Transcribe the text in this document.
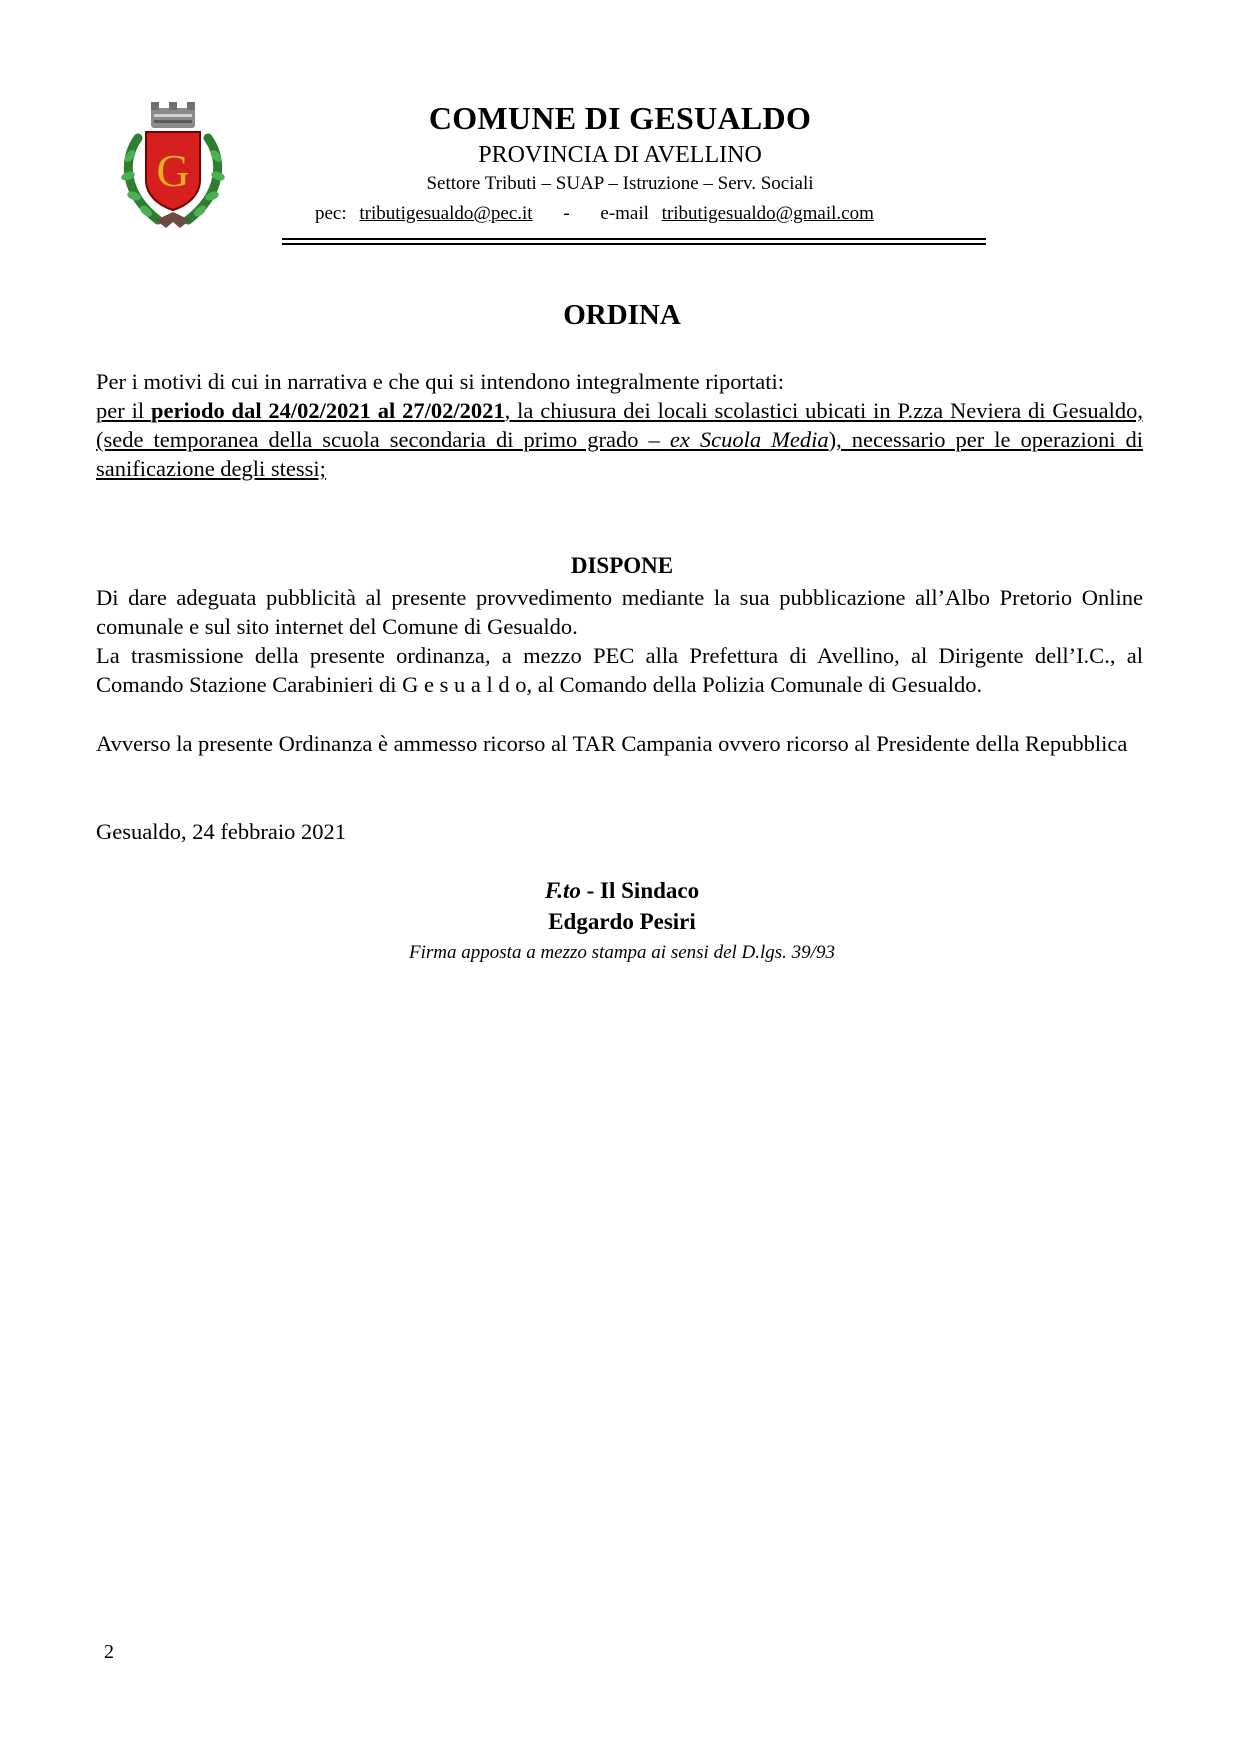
G
COMUNE DI GESUALDO
PROVINCIA DI AVELLINO
Settore Tributi – SUAP – Istruzione – Serv. Sociali
pec: tributigesualdo@pec.it - e-mail tributigesualdo@gmail.com
ORDINA
Per i motivi di cui in narrativa e che qui si intendono integralmente riportati:
per il periodo dal 24/02/2021 al 27/02/2021, la chiusura dei locali scolastici ubicati in P.zza Neviera di Gesualdo, (sede temporanea della scuola secondaria di primo grado – ex Scuola Media), necessario per le operazioni di sanificazione degli stessi;
DISPONE
Di dare adeguata pubblicità al presente provvedimento mediante la sua pubblicazione all’Albo Pretorio Online comunale e sul sito internet del Comune di Gesualdo.
La trasmissione della presente ordinanza, a mezzo PEC alla Prefettura di Avellino, al Dirigente dell’I.C., al Comando Stazione Carabinieri di G e s u a l d o, al Comando della Polizia Comunale di Gesualdo.
Avverso la presente Ordinanza è ammesso ricorso al TAR Campania ovvero ricorso al Presidente della Repubblica
Gesualdo, 24 febbraio 2021
F.to - Il Sindaco
Edgardo Pesiri
Firma apposta a mezzo stampa ai sensi del D.lgs. 39/93
2
